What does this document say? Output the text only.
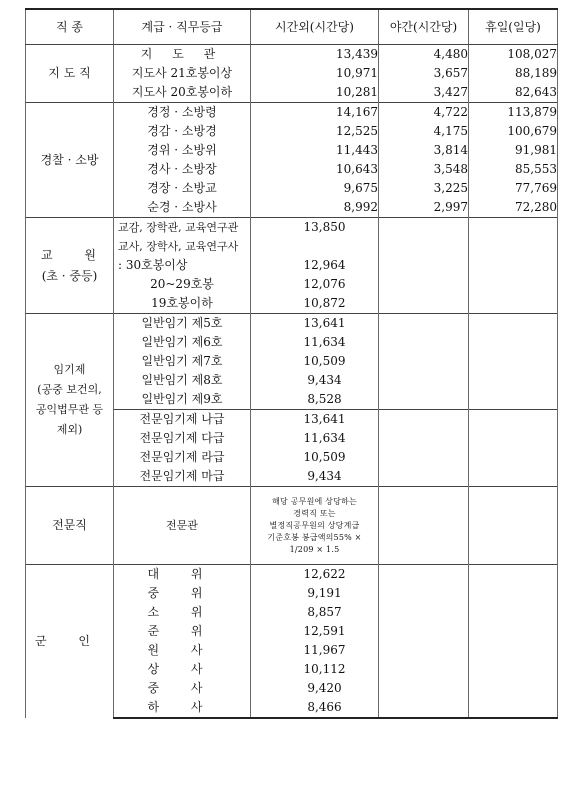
직 종	계급 · 직무등급	시간외(시간당)	야간(시간당)	휴일(일당)
지 도 직	지 도 관	13,439	4,480	108,027
	지도사 21호봉이상	10,971	3,657	88,189
	지도사 20호봉이하	10,281	3,427	82,643
경찰 · 소방	경정 · 소방령	14,167	4,722	113,879
	경감 · 소방경	12,525	4,175	100,679
	경위 · 소방위	11,443	3,814	91,981
	경사 · 소방장	10,643	3,548	85,553
	경장 · 소방교	9,675	3,225	77,769
	순경 · 소방사	8,992	2,997	72,280

교 원
(초 · 중등)	교감, 장학관, 교육연구관	13,850		
	교사, 장학사, 교육연구사			
	: 30호봉이상	12,964		
	20~29호봉	12,076		
	19호봉이하	10,872		

임기제
(공중 보건의,
공익법무관 등
제외)	일반임기 제5호	13,641		
	일반임기 제6호	11,634		
	일반임기 제7호	10,509		
	일반임기 제8호	9,434		
	일반임기 제9호	8,528		
	전문임기제 나급	13,641		
	전문임기제 다급	11,634		
	전문임기제 라급	10,509		
	전문임기제 마급	9,434		
전문직	전문관	해당 공무원에 상당하는
경력직 또는
별정직공무원의 상당계급
기준호봉 봉급액의55% ×
1/209 × 1.5		

군 인	대 위	12,622		
	중 위	9,191		
	소 위	8,857		
	준 위	12,591		
	원 사	11,967		
	상 사	10,112		
	중 사	9,420		
	하 사	8,466		
